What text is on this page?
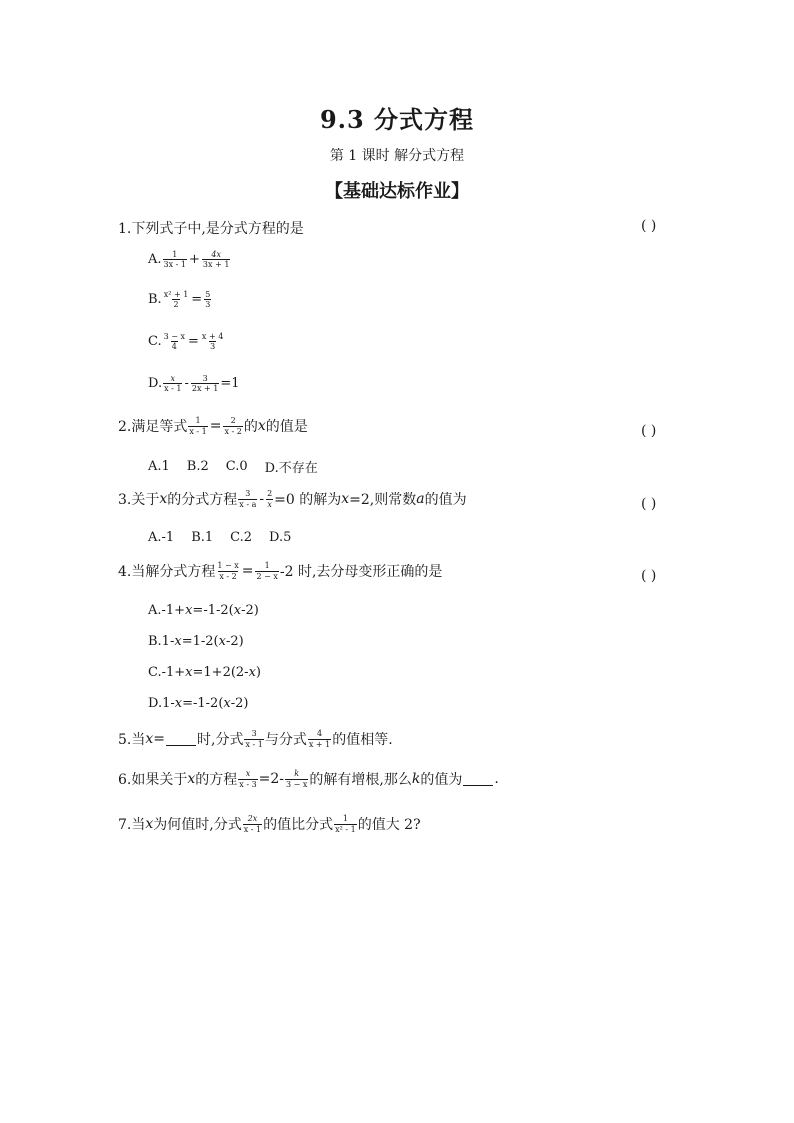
9.3 分式方程
第 1 课时 解分式方程
【基础达标作业】
1.下列式子中,是分式方程的是	( )
A. $\frac{1}{3x - 1} + \frac{4x}{3x + 1}$
B. $\frac{\text{x² + 1}}{2} = \frac{5}{3}$
C. $\frac{3 - x}{4} = \frac{x + 4}{3}$
D. $\frac{x}{x - 1} - \frac{3}{2x + 1} =1$
2.满足等式 $\frac{1}{x - 1} = \frac{2}{x - 2}$ 的 x 的值是	( )
A.1 B.2 C.0 D.不存在
3.关于 x 的分式方程 $\frac{3}{x - a} - \frac{2}{x} =0$ 的解为 x =2,则常数 a 的值为	( )
A.-1 B.1 C.2 D.5
4.当解分式方程 $\frac{1 - x}{x - 2} = \frac{1}{2 - x} -2$ 时,去分母变形正确的是	( )
A.-1+ x =-1-2( x -2)
B.1- x =1-2( x -2)
C.-1+ x =1+2(2- x )
D.1- x =-1-2( x -2)
5.当 x = 时,分式 $\frac{3}{x - 1}$ 与分式 $\frac{4}{x + 1}$ 的值相等.
6.如果关于 x 的方程 $\frac{x}{x - 3} =2- \frac{k}{3 - x}$ 的解有增根,那么 k 的值为 .
7.当 x 为何值时,分式 $\frac{2x}{x - 1}$ 的值比分式 $\frac{1}{\text{x² - 1}}$ 的值大 2?
